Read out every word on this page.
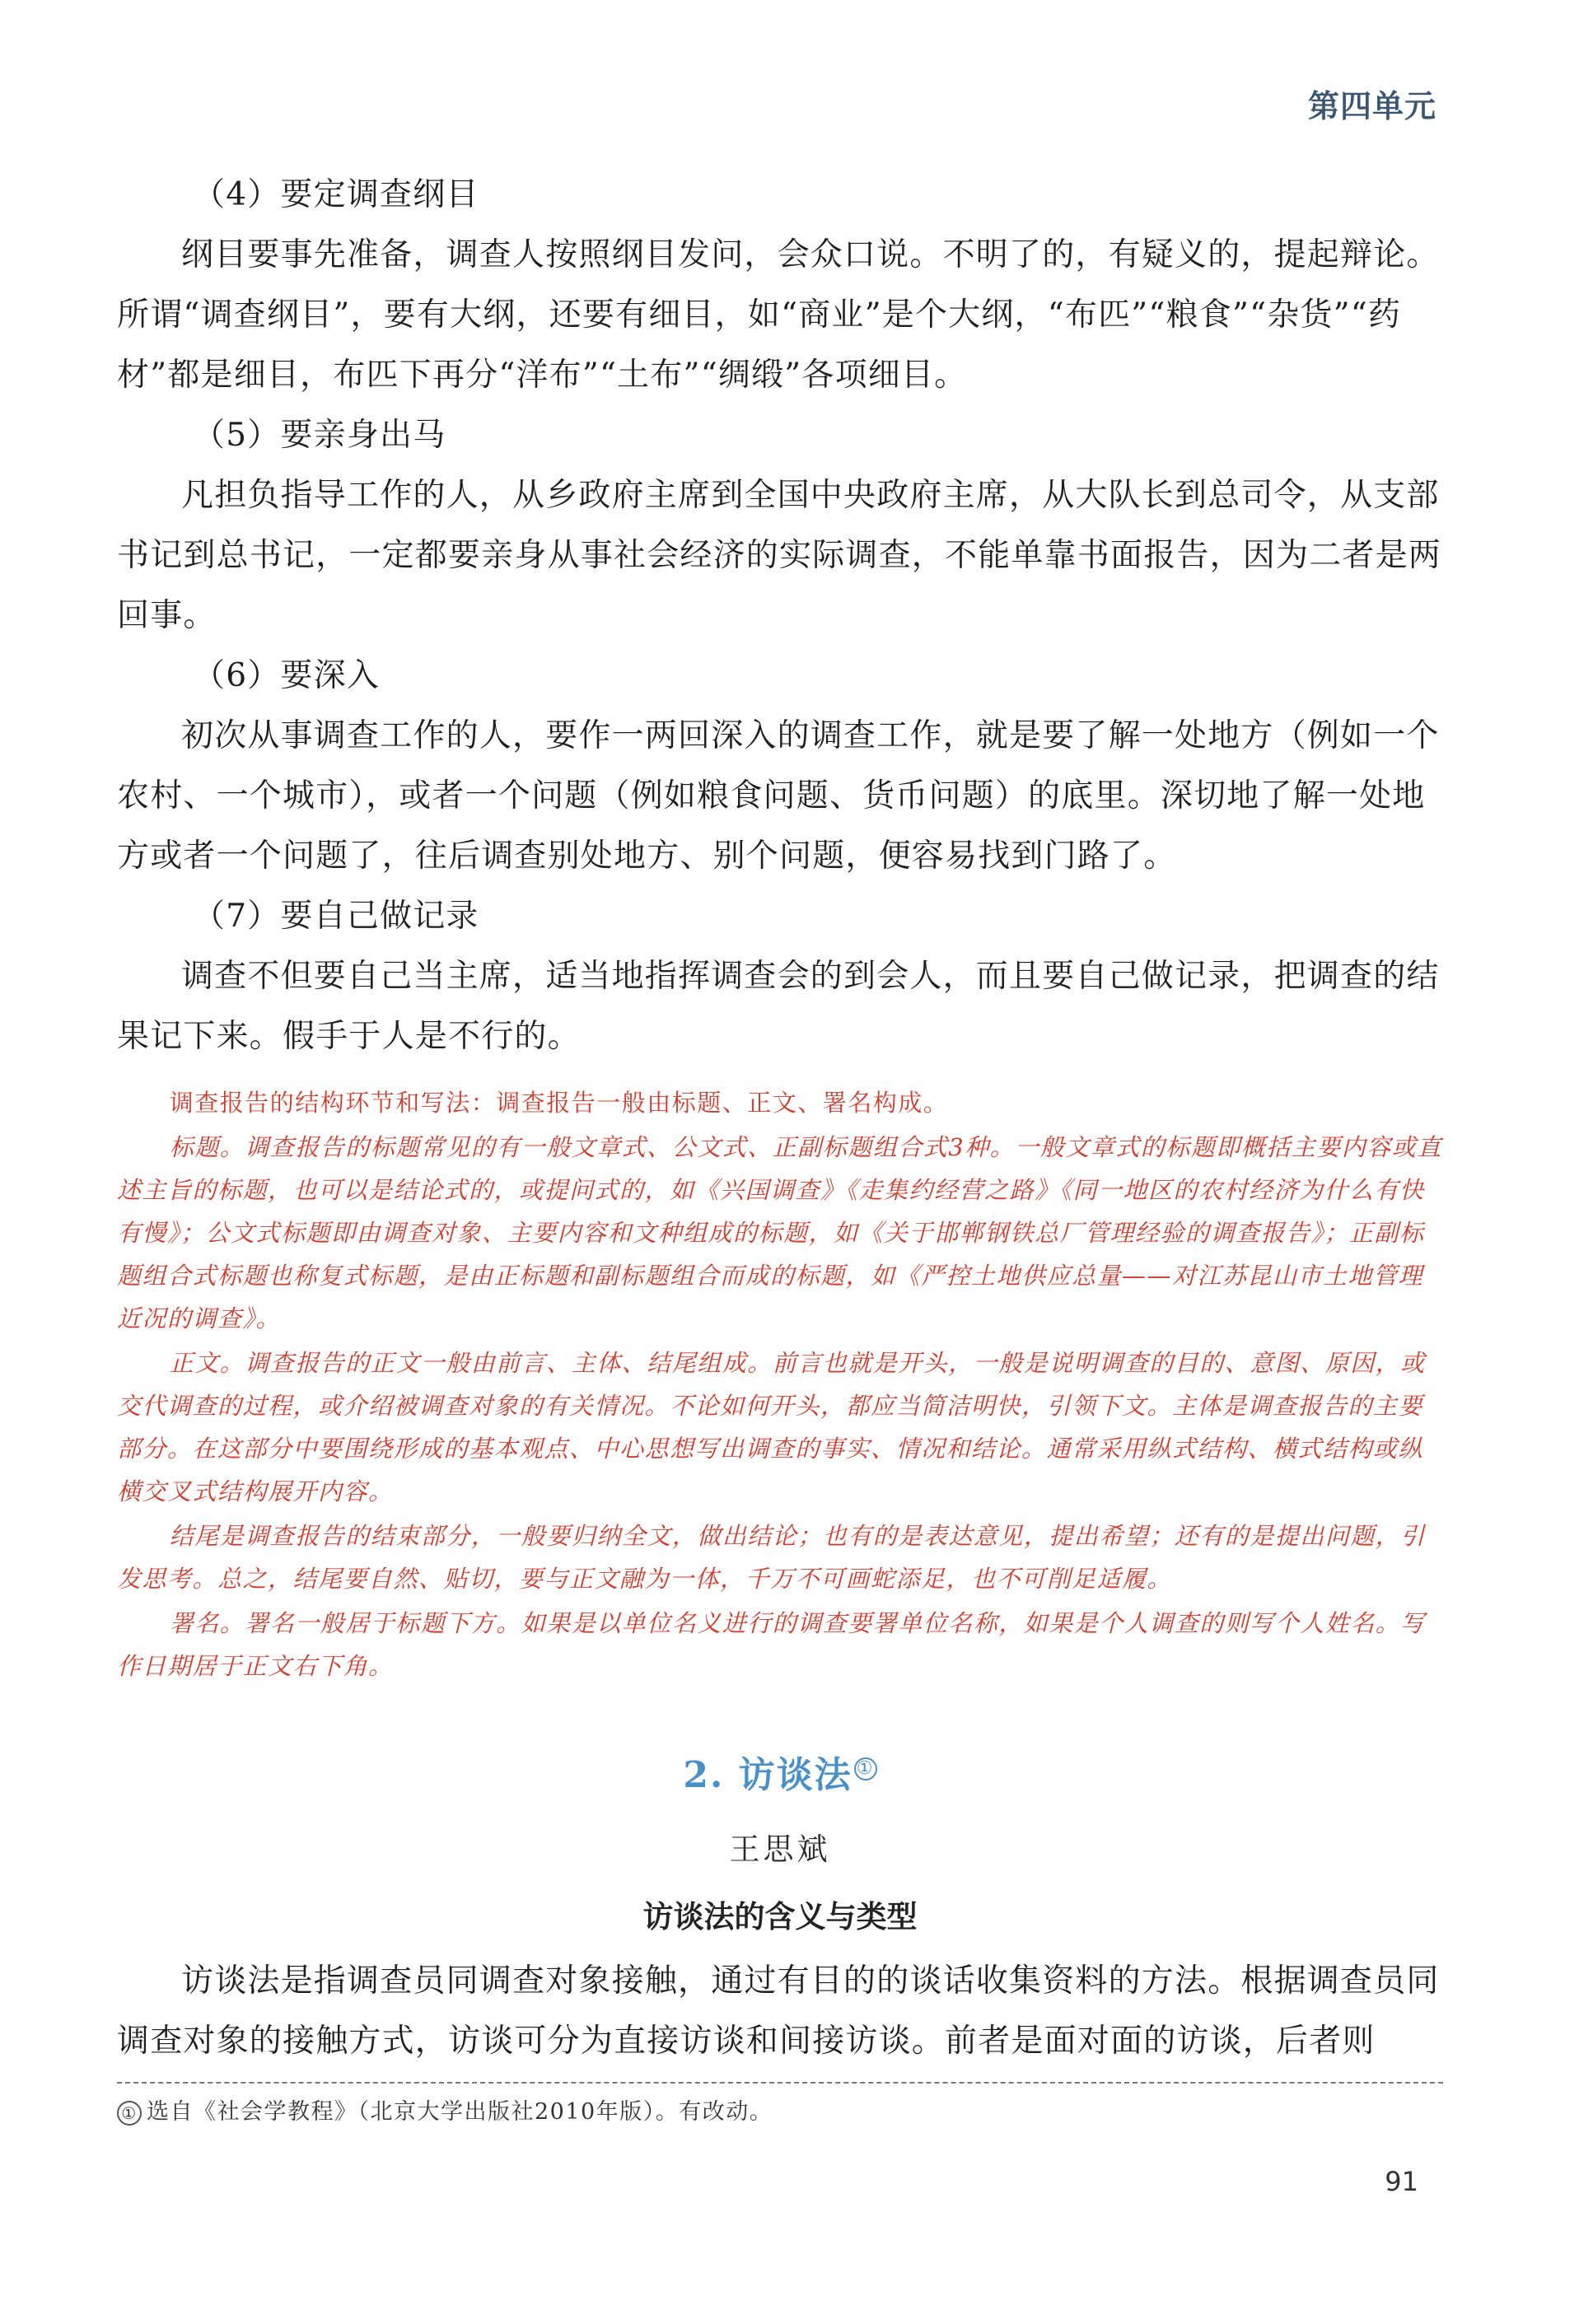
第四单元

（4）要定调查纲目

纲目要事先准备，调查人按照纲目发问，会众口说。不明了的，有疑义的，提起辩论。所谓“调查纲目”，要有大纲，还要有细目，如“商业”是个大纲，“布匹”“粮食”“杂货”“药材”都是细目，布匹下再分“洋布”“土布”“绸缎”各项细目。

（5）要亲身出马

凡担负指导工作的人，从乡政府主席到全国中央政府主席，从大队长到总司令，从支部书记到总书记，一定都要亲身从事社会经济的实际调查，不能单靠书面报告，因为二者是两回事。

（6）要深入

初次从事调查工作的人，要作一两回深入的调查工作，就是要了解一处地方（例如一个农村、一个城市），或者一个问题（例如粮食问题、货币问题）的底里。深切地了解一处地方或者一个问题了，往后调查别处地方、别个问题，便容易找到门路了。

（7）要自己做记录

调查不但要自己当主席，适当地指挥调查会的到会人，而且要自己做记录，把调查的结果记下来。假手于人是不行的。

调查报告的结构环节和写法：调查报告一般由标题、正文、署名构成。

标题。调查报告的标题常见的有一般文章式、公文式、正副标题组合式3种。一般文章式的标题即概括主要内容或直述主旨的标题，也可以是结论式的，或提问式的，如《兴国调查》《走集约经营之路》《同一地区的农村经济为什么有快有慢》；公文式标题即由调查对象、主要内容和文种组成的标题，如《关于邯郸钢铁总厂管理经验的调查报告》；正副标题组合式标题也称复式标题，是由正标题和副标题组合而成的标题，如《严控土地供应总量——对江苏昆山市土地管理近况的调查》。

正文。调查报告的正文一般由前言、主体、结尾组成。前言也就是开头，一般是说明调查的目的、意图、原因，或交代调查的过程，或介绍被调查对象的有关情况。不论如何开头，都应当简洁明快，引领下文。主体是调查报告的主要部分。在这部分中要围绕形成的基本观点、中心思想写出调查的事实、情况和结论。通常采用纵式结构、横式结构或纵横交叉式结构展开内容。

结尾是调查报告的结束部分，一般要归纳全文，做出结论；也有的是表达意见，提出希望；还有的是提出问题，引发思考。总之，结尾要自然、贴切，要与正文融为一体，千万不可画蛇添足，也不可削足适履。

署名。署名一般居于标题下方。如果是以单位名义进行的调查要署单位名称，如果是个人调查的则写个人姓名。写作日期居于正文右下角。

2. 访谈法 ①
王思斌
访谈法的含义与类型

访谈法是指调查员同调查对象接触，通过有目的的谈话收集资料的方法。根据调查员同调查对象的接触方式，访谈可分为直接访谈和间接访谈。前者是面对面的访谈，后者则

① 选自《社会学教程》（北京大学出版社2010年版）。有改动。
91
